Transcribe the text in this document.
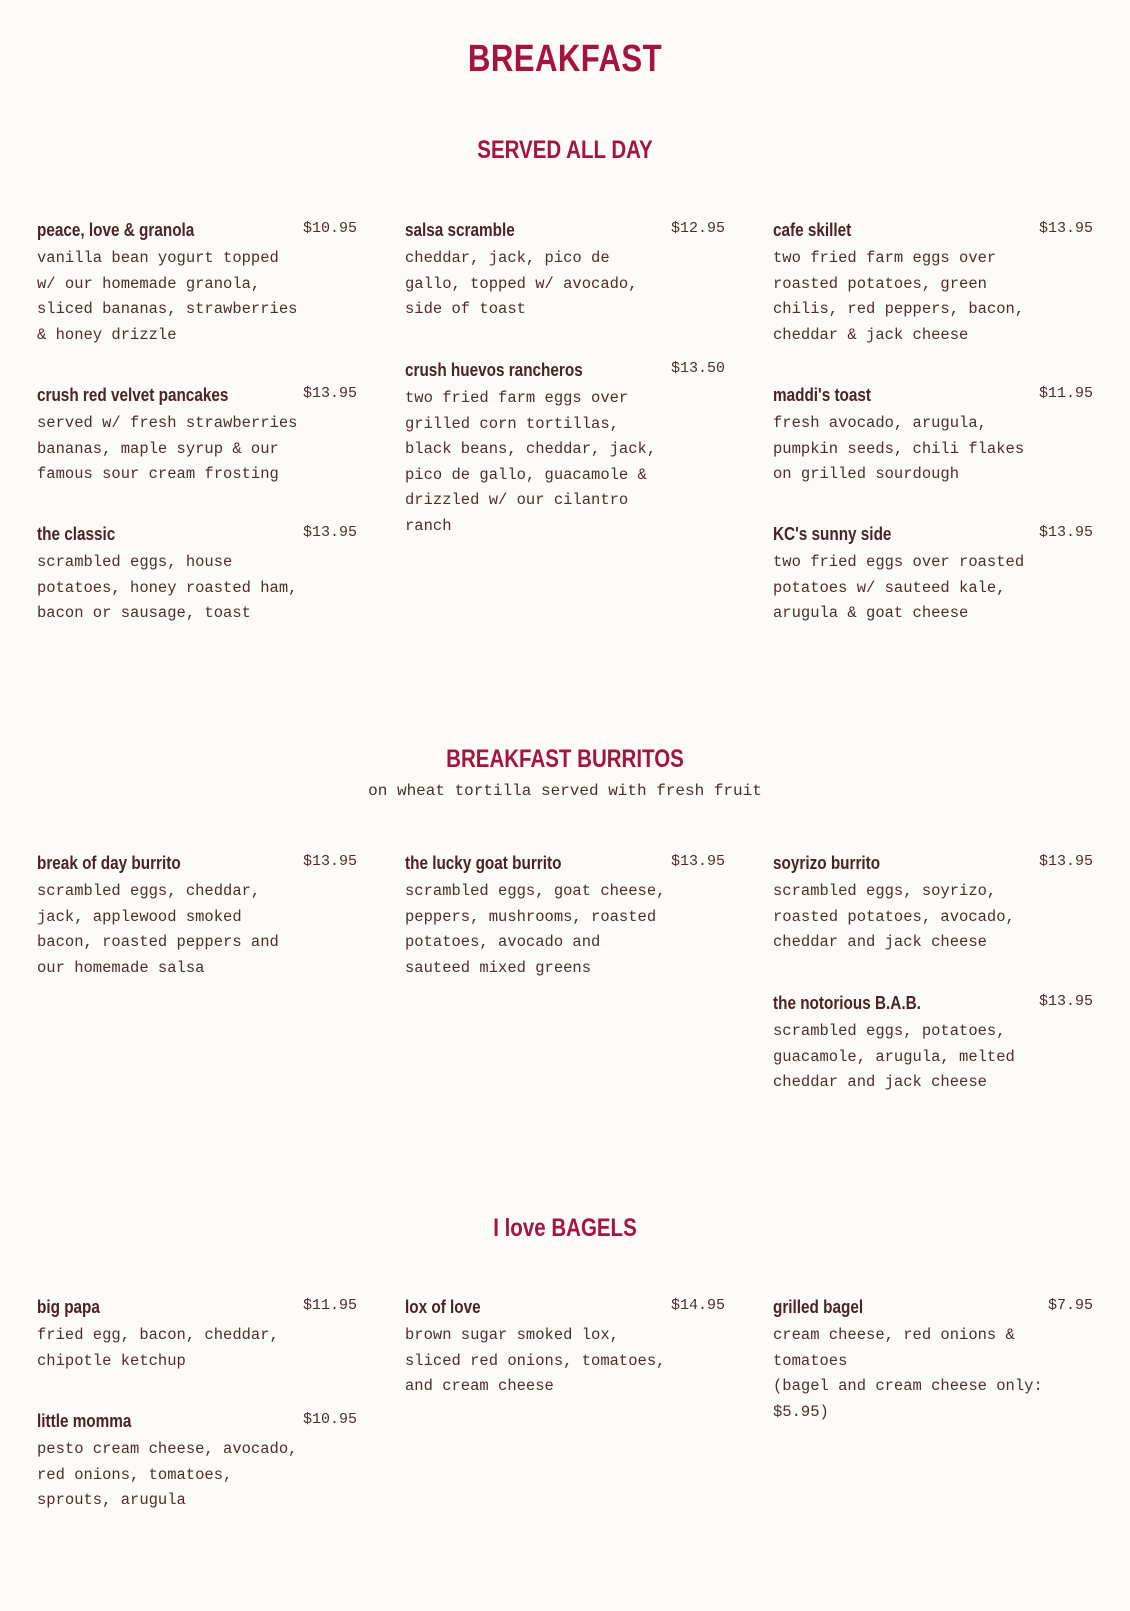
BREAKFAST
SERVED ALL DAY
peace, love & granola	$10.95

vanilla bean yogurt topped
w/ our homemade granola,
sliced bananas, strawberries
& honey drizzle

crush red velvet pancakes	$13.95

served w/ fresh strawberries
bananas, maple syrup & our
famous sour cream frosting

the classic	$13.95

scrambled eggs, house
potatoes, honey roasted ham,
bacon or sausage, toast

salsa scramble	$12.95

cheddar, jack, pico de
gallo, topped w/ avocado,
side of toast

crush huevos rancheros	$13.50

two fried farm eggs over
grilled corn tortillas,
black beans, cheddar, jack,
pico de gallo, guacamole &
drizzled w/ our cilantro
ranch

cafe skillet	$13.95

two fried farm eggs over
roasted potatoes, green
chilis, red peppers, bacon,
cheddar & jack cheese

maddi's toast	$11.95

fresh avocado, arugula,
pumpkin seeds, chili flakes
on grilled sourdough

KC's sunny side	$13.95

two fried eggs over roasted
potatoes w/ sauteed kale,
arugula & goat cheese

BREAKFAST BURRITOS
on wheat tortilla served with fresh fruit
break of day burrito	$13.95

scrambled eggs, cheddar,
jack, applewood smoked
bacon, roasted peppers and
our homemade salsa

the lucky goat burrito	$13.95

scrambled eggs, goat cheese,
peppers, mushrooms, roasted
potatoes, avocado and
sauteed mixed greens

soyrizo burrito	$13.95

scrambled eggs, soyrizo,
roasted potatoes, avocado,
cheddar and jack cheese

the notorious B.A.B.	$13.95

scrambled eggs, potatoes,
guacamole, arugula, melted
cheddar and jack cheese

I love BAGELS
big papa	$11.95

fried egg, bacon, cheddar,
chipotle ketchup

little momma	$10.95

pesto cream cheese, avocado,
red onions, tomatoes,
sprouts, arugula

lox of love	$14.95

brown sugar smoked lox,
sliced red onions, tomatoes,
and cream cheese

grilled bagel	$7.95

cream cheese, red onions &
tomatoes
(bagel and cream cheese only:
$5.95)
